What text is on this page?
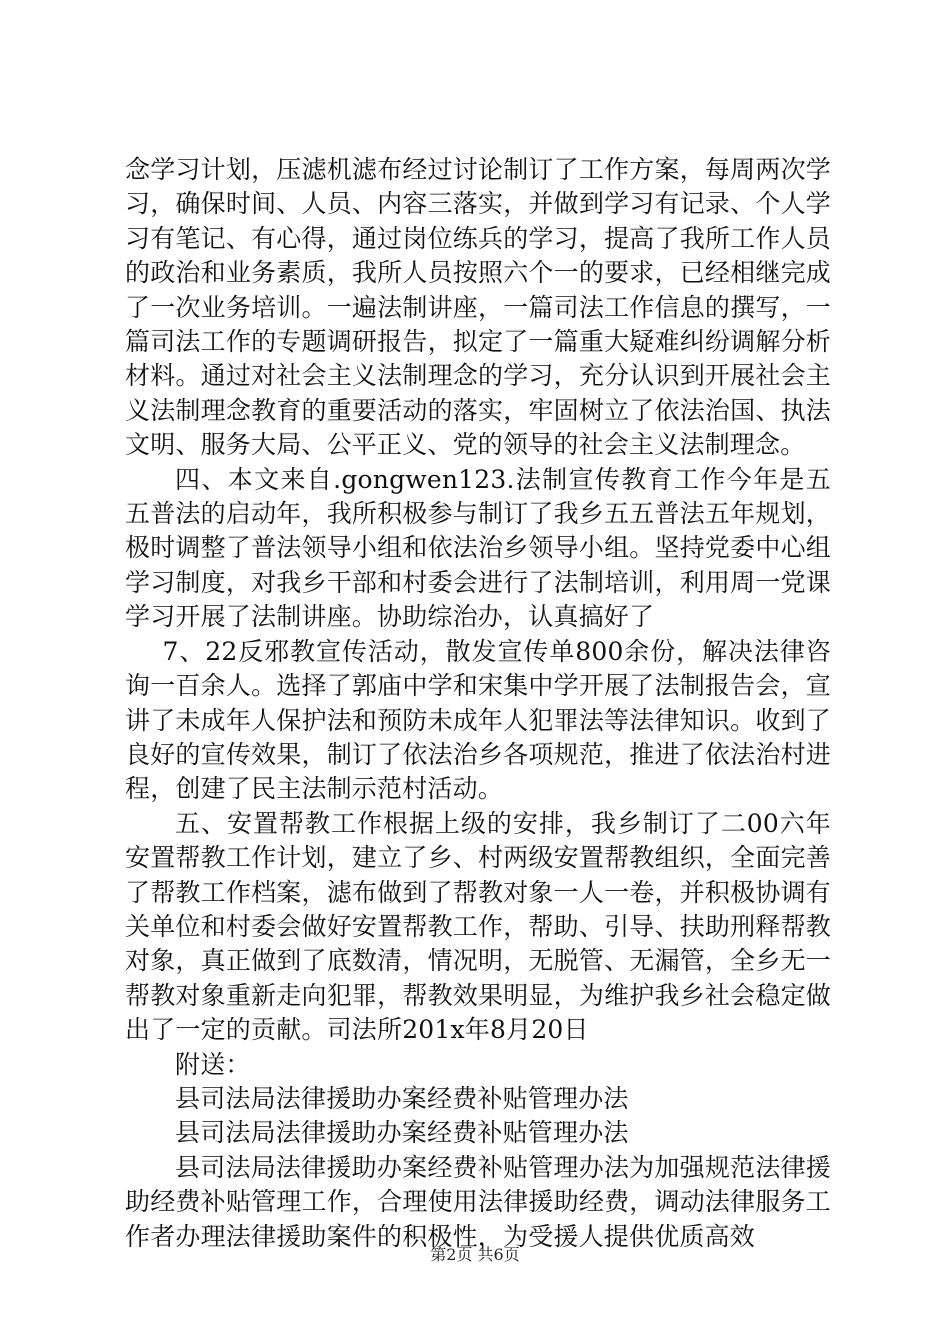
念学习计划，压滤机滤布经过讨论制订了工作方案，每周两次学习，确保时间、人员、内容三落实，并做到学习有记录、个人学习有笔记、有心得，通过岗位练兵的学习，提高了我所工作人员的政治和业务素质，我所人员按照六个一的要求，已经相继完成了一次业务培训。一遍法制讲座，一篇司法工作信息的撰写，一篇司法工作的专题调研报告，拟定了一篇重大疑难纠纷调解分析材料。通过对社会主义法制理念的学习，充分认识到开展社会主义法制理念教育的重要活动的落实，牢固树立了依法治国、执法文明、服务大局、公平正义、党的领导的社会主义法制理念。

四、本文来自.gongwen123.法制宣传教育工作今年是五五普法的启动年，我所积极参与制订了我乡五五普法五年规划，极时调整了普法领导小组和依法治乡领导小组。坚持党委中心组学习制度，对我乡干部和村委会进行了法制培训，利用周一党课学习开展了法制讲座。协助综治办，认真搞好了

7、22反邪教宣传活动，散发宣传单800余份，解决法律咨询一百余人。选择了郭庙中学和宋集中学开展了法制报告会，宣讲了未成年人保护法和预防未成年人犯罪法等法律知识。收到了良好的宣传效果，制订了依法治乡各项规范，推进了依法治村进程，创建了民主法制示范村活动。

五、安置帮教工作根据上级的安排，我乡制订了二00六年安置帮教工作计划，建立了乡、村两级安置帮教组织，全面完善了帮教工作档案，滤布做到了帮教对象一人一卷，并积极协调有关单位和村委会做好安置帮教工作，帮助、引导、扶助刑释帮教对象，真正做到了底数清，情况明，无脱管、无漏管，全乡无一帮教对象重新走向犯罪，帮教效果明显，为维护我乡社会稳定做出了一定的贡献。司法所201x年8月20日

附送：

县司法局法律援助办案经费补贴管理办法

县司法局法律援助办案经费补贴管理办法

县司法局法律援助办案经费补贴管理办法为加强规范法律援助经费补贴管理工作，合理使用法律援助经费，调动法律服务工作者办理法律援助案件的积极性，为受援人提供优质高效

第2页 共6页
